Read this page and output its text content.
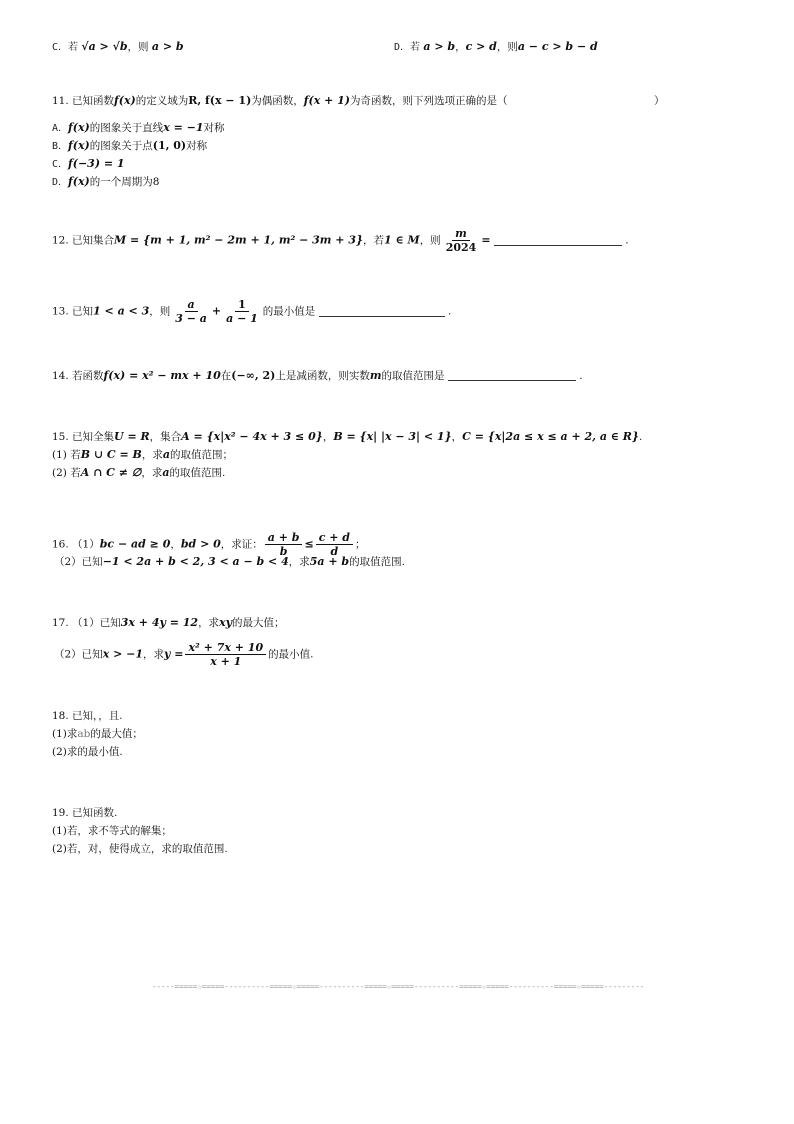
C．若 √a > √b，则 a > b	D．若 a > b，c > d，则a − c > b − d
11. 已知函数f(x)的定义域为R, f(x − 1)为偶函数，f(x + 1)为奇函数，则下列选项正确的是（	）
A．f(x)的图象关于直线x = −1对称
B．f(x)的图象关于点(1, 0)对称
C．f(−3) = 1
D．f(x)的一个周期为8
12. 已知集合M = {m + 1, m² − 2m + 1, m² − 3m + 3}，若1 ∈ M，则 $\frac{m}{2024}$ =	.
13. 已知1 < a < 3，则 $\frac{a}{3 - a} + \frac{1}{a - 1}$ 的最小值是	.
14. 若函数f(x) = x² − mx + 10在(−∞, 2)上是减函数，则实数m的取值范围是	.
15. 已知全集U = R，集合A = {x|x² − 4x + 3 ≤ 0}，B = {x| |x − 3| < 1}，C = {x|2a ≤ x ≤ a + 2, a ∈ R}.
(1) 若B ∪ C = B，求a的取值范围；
(2) 若A ∩ C ≠ ∅，求a的取值范围.
16. （1）bc − ad ≥ 0，bd > 0，求证： $\frac{a + b}{b} \le \frac{c + d}{d}$ ；
（2）已知−1 < 2a + b < 2, 3 < a − b < 4，求5a + b的取值范围.
17. （1）已知3x + 4y = 12，求xy的最大值；
（2）已知x > −1，求$y = \frac{\text{x² + 7x + 10}}{x + 1}$ 的最小值.
18. 已知，，且.
(1)求ab的最大值；
(2)求的最小值.
19. 已知函数.
(1)若，求不等式的解集；
(2)若，对，使得成立，求的取值范围.
-----=====☆=====----------=====☆=====----------=====☆=====----------=====☆=====----------=====☆=====---------
